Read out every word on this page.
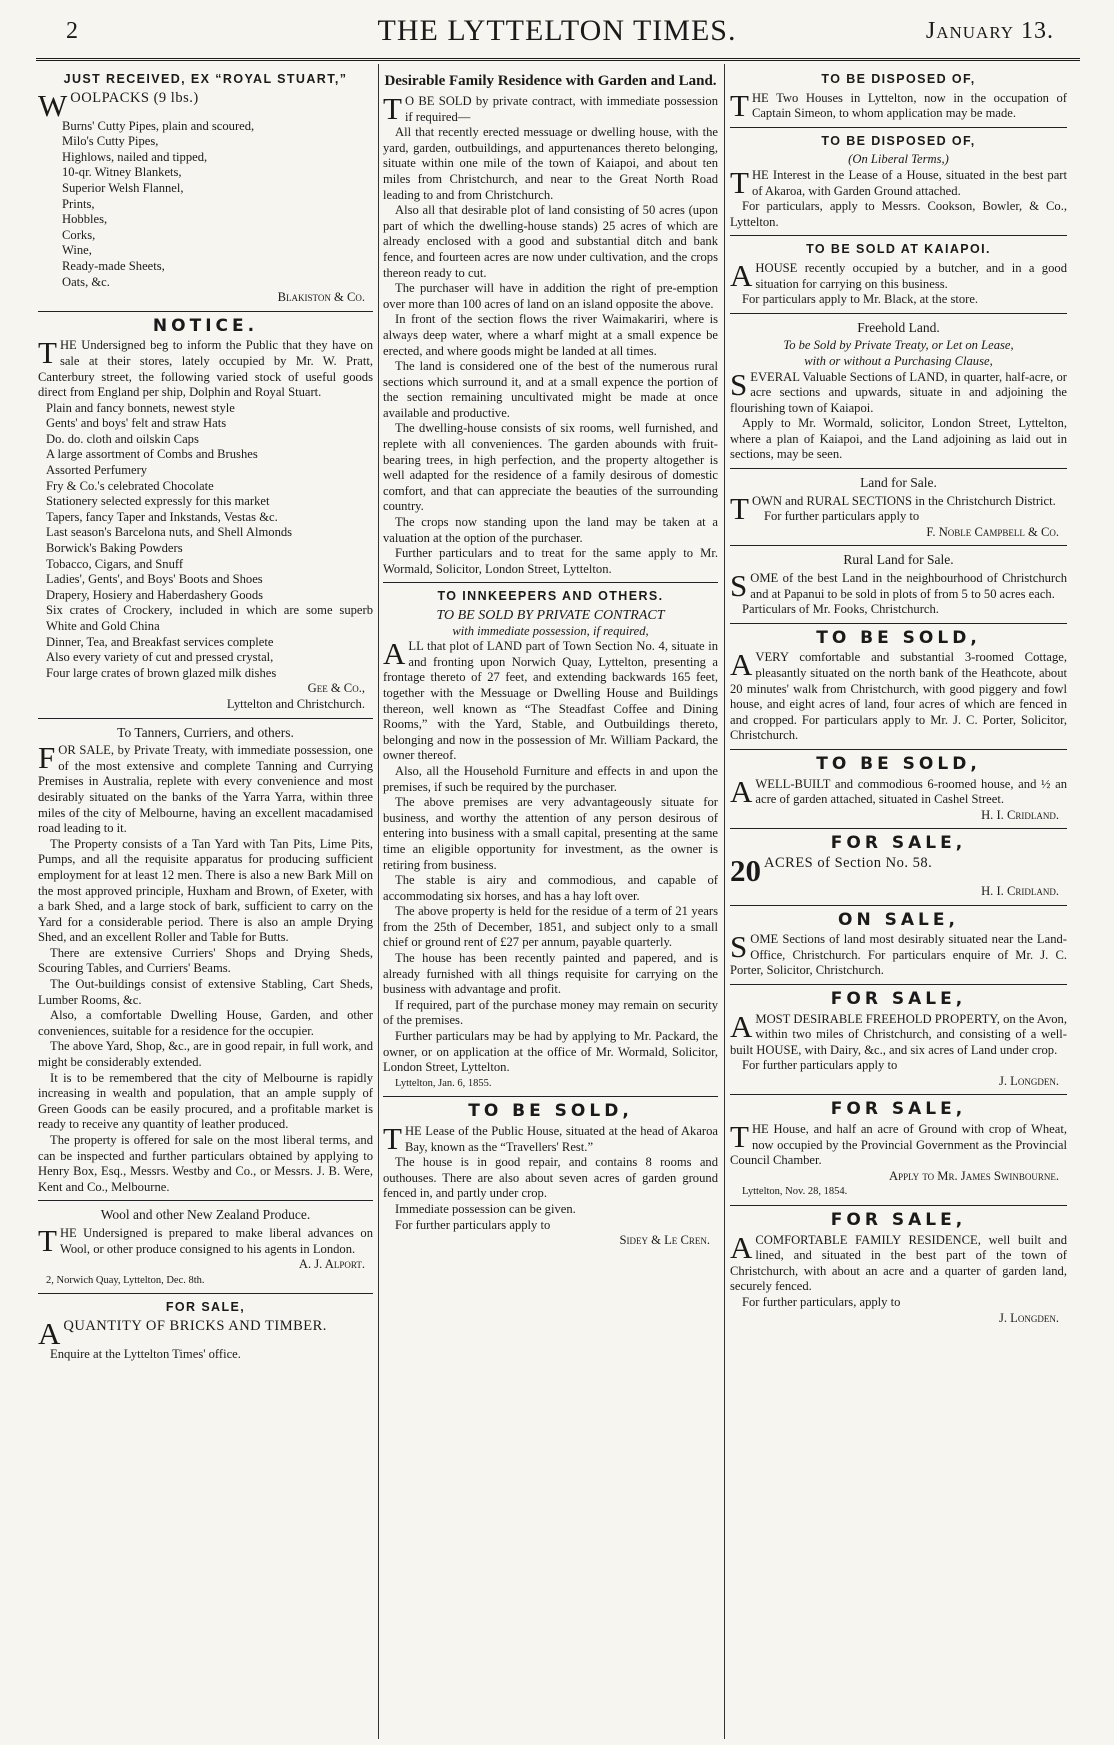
2	THE LYTTELTON TIMES.	January 13.
JUST RECEIVED, EX “ROYAL STUART,”

WOOLPACKS (9 lbs.)

Burns' Cutty Pipes, plain and scoured,
Milo's Cutty Pipes,
Highlows, nailed and tipped,
10-qr. Witney Blankets,
Superior Welsh Flannel,
Prints,
Hobbles,
Corks,
Wine,
Ready-made Sheets,
Oats, &c.
Blakiston & Co.
NOTICE.

THE Undersigned beg to inform the Public that they have on sale at their stores, lately occupied by Mr. W. Pratt, Canterbury street, the following varied stock of useful goods direct from England per ship, Dolphin and Royal Stuart.

Plain and fancy bonnets, newest style
Gents' and boys' felt and straw Hats
Do. do. cloth and oilskin Caps
A large assortment of Combs and Brushes
Assorted Perfumery
Fry & Co.'s celebrated Chocolate
Stationery selected expressly for this market
Tapers, fancy Taper and Inkstands, Vestas &c.
Last season's Barcelona nuts, and Shell Almonds
Borwick's Baking Powders
Tobacco, Cigars, and Snuff
Ladies', Gents', and Boys' Boots and Shoes
Drapery, Hosiery and Haberdashery Goods
Six crates of Crockery, included in which are some superb White and Gold China
Dinner, Tea, and Breakfast services complete
Also every variety of cut and pressed crystal,
Four large crates of brown glazed milk dishes
Gee & Co.,
Lyttelton and Christchurch.
To Tanners, Curriers, and others.

FOR SALE, by Private Treaty, with immediate possession, one of the most extensive and complete Tanning and Currying Premises in Australia, replete with every convenience and most desirably situated on the banks of the Yarra Yarra, within three miles of the city of Melbourne, having an excellent macadamised road leading to it.

The Property consists of a Tan Yard with Tan Pits, Lime Pits, Pumps, and all the requisite apparatus for producing sufficient employment for at least 12 men. There is also a new Bark Mill on the most approved principle, Huxham and Brown, of Exeter, with a bark Shed, and a large stock of bark, sufficient to carry on the Yard for a considerable period. There is also an ample Drying Shed, and an excellent Roller and Table for Butts.

There are extensive Curriers' Shops and Drying Sheds, Scouring Tables, and Curriers' Beams.

The Out-buildings consist of extensive Stabling, Cart Sheds, Lumber Rooms, &c.

Also, a comfortable Dwelling House, Garden, and other conveniences, suitable for a residence for the occupier.

The above Yard, Shop, &c., are in good repair, in full work, and might be considerably extended.

It is to be remembered that the city of Melbourne is rapidly increasing in wealth and population, that an ample supply of Green Goods can be easily procured, and a profitable market is ready to receive any quantity of leather produced.

The property is offered for sale on the most liberal terms, and can be inspected and further particulars obtained by applying to Henry Box, Esq., Messrs. Westby and Co., or Messrs. J. B. Were, Kent and Co., Melbourne.

Wool and other New Zealand Produce.

THE Undersigned is prepared to make liberal advances on Wool, or other produce consigned to his agents in London.

A. J. Alport.
2, Norwich Quay, Lyttelton, Dec. 8th.
FOR SALE,

AQUANTITY OF BRICKS AND TIMBER.

Enquire at the Lyttelton Times' office.

Desirable Family Residence with Garden and Land.

T O BE SOLD by private contract, with immediate possession if required—

All that recently erected messuage or dwelling house, with the yard, garden, outbuildings, and appurtenances thereto belonging, situate within one mile of the town of Kaiapoi, and about ten miles from Christchurch, and near to the Great North Road leading to and from Christchurch.

Also all that desirable plot of land consisting of 50 acres (upon part of which the dwelling-house stands) 25 acres of which are already enclosed with a good and substantial ditch and bank fence, and fourteen acres are now under cultivation, and the crops thereon ready to cut.

The purchaser will have in addition the right of pre-emption over more than 100 acres of land on an island opposite the above.

In front of the section flows the river Waimakariri, where is always deep water, where a wharf might at a small expence be erected, and where goods might be landed at all times.

The land is considered one of the best of the numerous rural sections which surround it, and at a small expence the portion of the section remaining uncultivated might be made at once available and productive.

The dwelling-house consists of six rooms, well furnished, and replete with all conveniences. The garden abounds with fruit-bearing trees, in high perfection, and the property altogether is well adapted for the residence of a family desirous of domestic comfort, and that can appreciate the beauties of the surrounding country.

The crops now standing upon the land may be taken at a valuation at the option of the purchaser.

Further particulars and to treat for the same apply to Mr. Wormald, Solicitor, London Street, Lyttelton.

TO INNKEEPERS AND OTHERS.
TO BE SOLD BY PRIVATE CONTRACT
with immediate possession, if required,

ALL that plot of LAND part of Town Section No. 4, situate in and fronting upon Norwich Quay, Lyttelton, presenting a frontage thereto of 27 feet, and extending backwards 165 feet, together with the Messuage or Dwelling House and Buildings thereon, well known as “The Steadfast Coffee and Dining Rooms,” with the Yard, Stable, and Outbuildings thereto, belonging and now in the possession of Mr. William Packard, the owner thereof.

Also, all the Household Furniture and effects in and upon the premises, if such be required by the purchaser.

The above premises are very advantageously situate for business, and worthy the attention of any person desirous of entering into business with a small capital, presenting at the same time an eligible opportunity for investment, as the owner is retiring from business.

The stable is airy and commodious, and capable of accommodating six horses, and has a hay loft over.

The above property is held for the residue of a term of 21 years from the 25th of December, 1851, and subject only to a small chief or ground rent of £27 per annum, payable quarterly.

The house has been recently painted and papered, and is already furnished with all things requisite for carrying on the business with advantage and profit.

If required, part of the purchase money may remain on security of the premises.

Further particulars may be had by applying to Mr. Packard, the owner, or on application at the office of Mr. Wormald, Solicitor, London Street, Lyttelton.

Lyttelton, Jan. 6, 1855.
TO BE SOLD,

THE Lease of the Public House, situated at the head of Akaroa Bay, known as the “Travellers' Rest.”

The house is in good repair, and contains 8 rooms and outhouses. There are also about seven acres of garden ground fenced in, and partly under crop.

Immediate possession can be given.

For further particulars apply to

Sidey & Le Cren.
TO BE DISPOSED OF,

THE Two Houses in Lyttelton, now in the occupation of Captain Simeon, to whom application may be made.

TO BE DISPOSED OF,
(On Liberal Terms,)

THE Interest in the Lease of a House, situated in the best part of Akaroa, with Garden Ground attached.

For particulars, apply to Messrs. Cookson, Bowler, & Co., Lyttelton.

TO BE SOLD AT KAIAPOI.

AHOUSE recently occupied by a butcher, and in a good situation for carrying on this business.

For particulars apply to Mr. Black, at the store.

Freehold Land.
To be Sold by Private Treaty, or Let on Lease,
with or without a Purchasing Clause,

SEVERAL Valuable Sections of LAND, in quarter, half-acre, or acre sections and upwards, situate in and adjoining the flourishing town of Kaiapoi.

Apply to Mr. Wormald, solicitor, London Street, Lyttelton, where a plan of Kaiapoi, and the Land adjoining as laid out in sections, may be seen.

Land for Sale.

TOWN and RURAL SECTIONS in the Christchurch District.

For further particulars apply to

F. Noble Campbell & Co.
Rural Land for Sale.

SOME of the best Land in the neighbourhood of Christchurch and at Papanui to be sold in plots of from 5 to 50 acres each.

Particulars of Mr. Fooks, Christchurch.

TO BE SOLD,

AVERY comfortable and substantial 3-roomed Cottage, pleasantly situated on the north bank of the Heathcote, about 20 minutes' walk from Christchurch, with good piggery and fowl house, and eight acres of land, four acres of which are fenced in and cropped. For particulars apply to Mr. J. C. Porter, Solicitor, Christchurch.

TO BE SOLD,

AWELL-BUILT and commodious 6-roomed house, and ½ an acre of garden attached, situated in Cashel Street.

H. I. Cridland.
FOR SALE,

20 ACRES of Section No. 58.

H. I. Cridland.
ON SALE,

SOME Sections of land most desirably situated near the Land-Office, Christchurch. For particulars enquire of Mr. J. C. Porter, Solicitor, Christchurch.

FOR SALE,

AMOST DESIRABLE FREEHOLD PROPERTY, on the Avon, within two miles of Christchurch, and consisting of a well-built HOUSE, with Dairy, &c., and six acres of Land under crop.

For further particulars apply to

J. Longden.
FOR SALE,

THE House, and half an acre of Ground with crop of Wheat, now occupied by the Provincial Government as the Provincial Council Chamber.

Apply to Mr. James Swinbourne.
Lyttelton, Nov. 28, 1854.
FOR SALE,

ACOMFORTABLE FAMILY RESIDENCE, well built and lined, and situated in the best part of the town of Christchurch, with about an acre and a quarter of garden land, securely fenced.

For further particulars, apply to

J. Longden.
